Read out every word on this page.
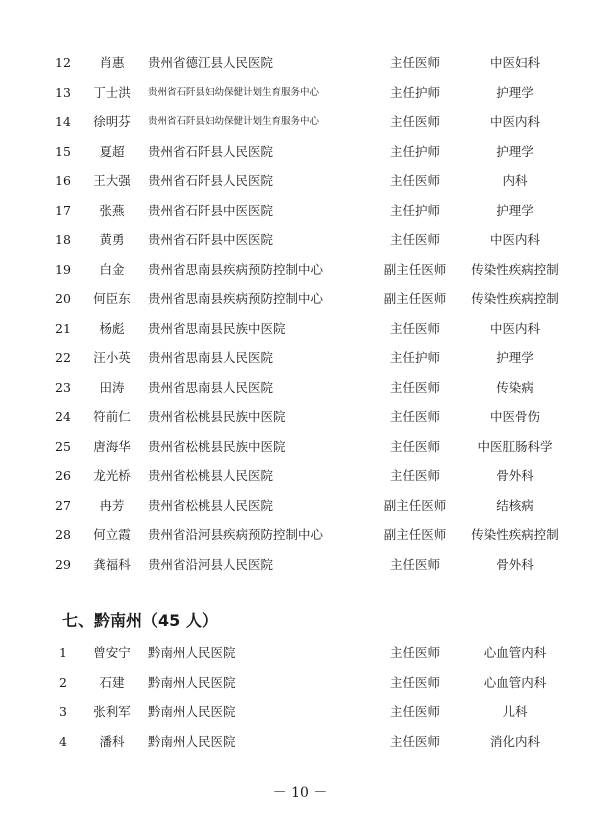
12	肖惠	贵州省德江县人民医院	主任医师	中医妇科
13	丁士洪	贵州省石阡县妇幼保健计划生育服务中心	主任护师	护理学
14	徐明芬	贵州省石阡县妇幼保健计划生育服务中心	主任医师	中医内科
15	夏超	贵州省石阡县人民医院	主任护师	护理学
16	王大强	贵州省石阡县人民医院	主任医师	内科
17	张燕	贵州省石阡县中医医院	主任护师	护理学
18	黄勇	贵州省石阡县中医医院	主任医师	中医内科
19	白金	贵州省思南县疾病预防控制中心	副主任医师	传染性疾病控制
20	何臣东	贵州省思南县疾病预防控制中心	副主任医师	传染性疾病控制
21	杨彪	贵州省思南县民族中医院	主任医师	中医内科
22	汪小英	贵州省思南县人民医院	主任护师	护理学
23	田涛	贵州省思南县人民医院	主任医师	传染病
24	符前仁	贵州省松桃县民族中医院	主任医师	中医骨伤
25	唐海华	贵州省松桃县民族中医院	主任医师	中医肛肠科学
26	龙光桥	贵州省松桃县人民医院	主任医师	骨外科
27	冉芳	贵州省松桃县人民医院	副主任医师	结核病
28	何立霞	贵州省沿河县疾病预防控制中心	副主任医师	传染性疾病控制
29	龚福科	贵州省沿河县人民医院	主任医师	骨外科
七、黔南州（45 人）
1	曾安宁	黔南州人民医院	主任医师	心血管内科
2	石建	黔南州人民医院	主任医师	心血管内科
3	张利军	黔南州人民医院	主任医师	儿科
4	潘科	黔南州人民医院	主任医师	消化内科
－ 10 －
